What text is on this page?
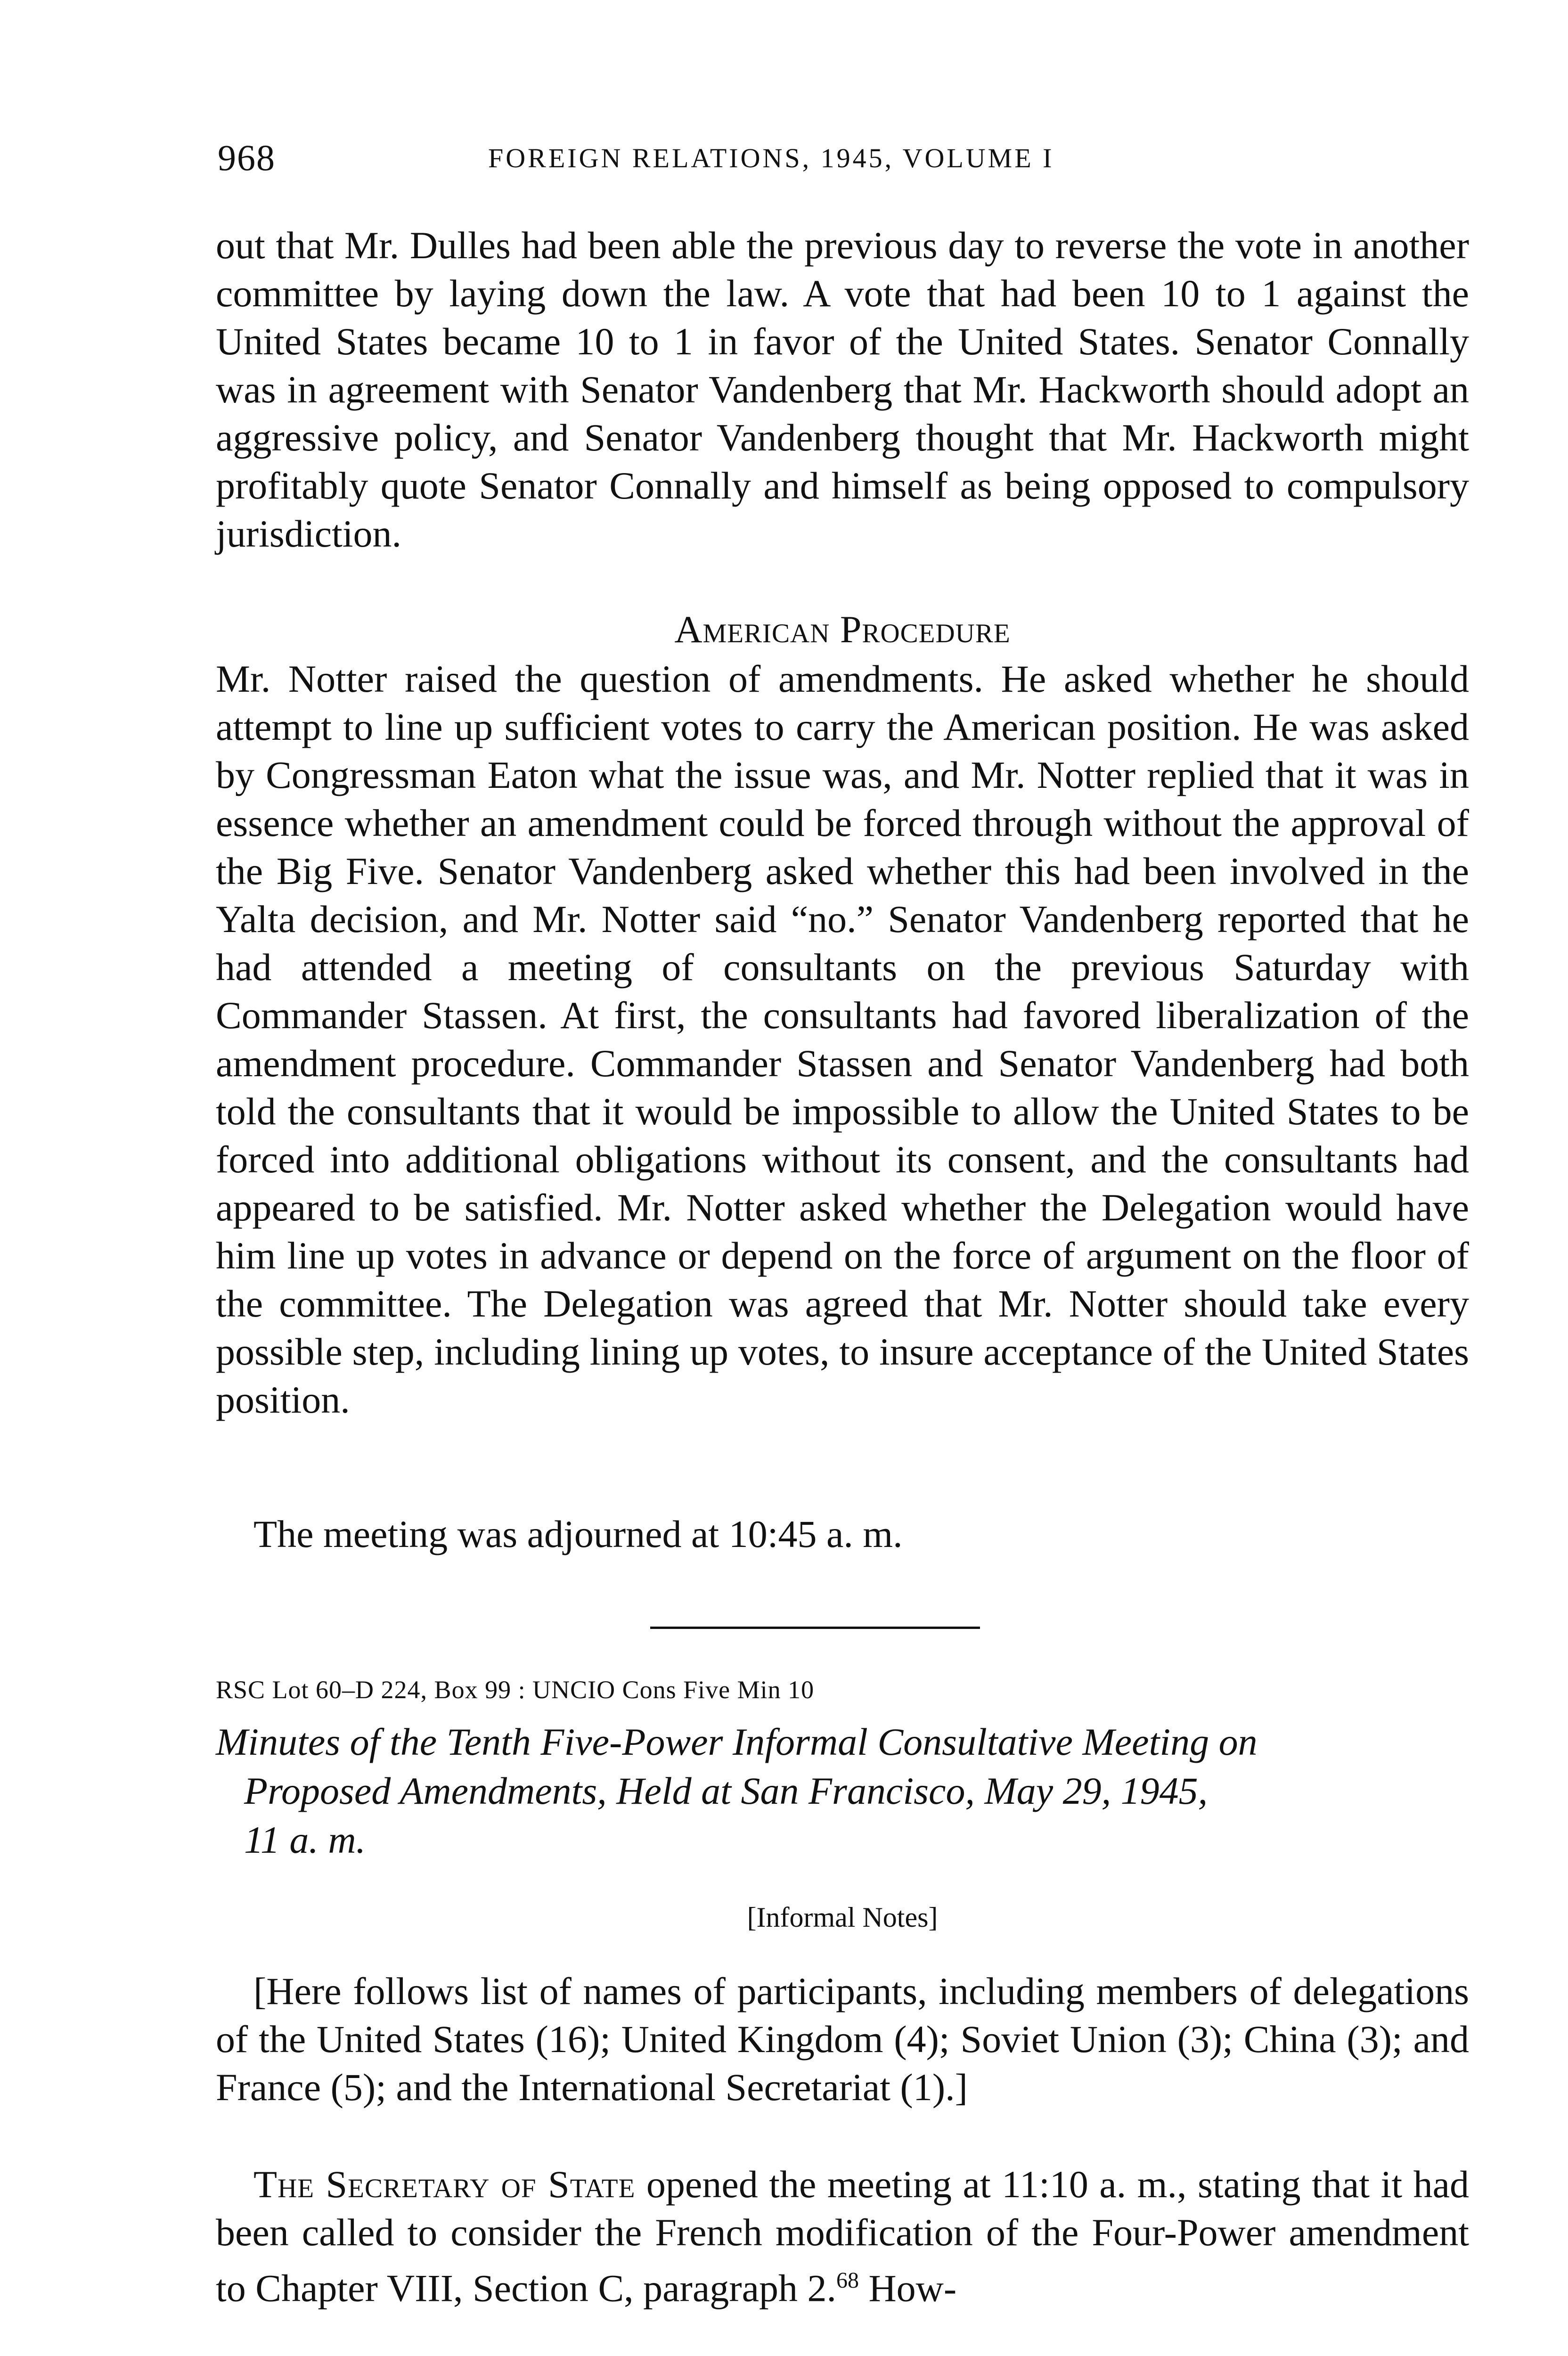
968	FOREIGN RELATIONS, 1945, VOLUME I

out that Mr. Dulles had been able the previous day to reverse the vote in another committee by laying down the law. A vote that had been 10 to 1 against the United States became 10 to 1 in favor of the United States. Senator Connally was in agreement with Senator Vandenberg that Mr. Hackworth should adopt an aggressive policy, and Senator Vandenberg thought that Mr. Hackworth might profitably quote Senator Connally and himself as being opposed to compulsory jurisdiction.

American Procedure

Mr. Notter raised the question of amendments. He asked whether he should attempt to line up sufficient votes to carry the American position. He was asked by Congressman Eaton what the issue was, and Mr. Notter replied that it was in essence whether an amendment could be forced through without the approval of the Big Five. Senator Vandenberg asked whether this had been involved in the Yalta decision, and Mr. Notter said “no.” Senator Vandenberg reported that he had attended a meeting of consultants on the previous Saturday with Commander Stassen. At first, the consultants had favored liberalization of the amendment procedure. Commander Stassen and Senator Vandenberg had both told the consultants that it would be impossible to allow the United States to be forced into additional obligations without its consent, and the consultants had appeared to be satisfied. Mr. Notter asked whether the Delegation would have him line up votes in advance or depend on the force of argument on the floor of the committee. The Delegation was agreed that Mr. Notter should take every possible step, including lining up votes, to insure acceptance of the United States position.

The meeting was adjourned at 10:45 a. m.

RSC Lot 60–D 224, Box 99 : UNCIO Cons Five Min 10
Minutes of the Tenth Five-Power Informal Consultative Meeting on
Proposed Amendments, Held at San Francisco, May 29, 1945,
11 a. m.
[Informal Notes]

[Here follows list of names of participants, including members of delegations of the United States (16); United Kingdom (4); Soviet Union (3); China (3); and France (5); and the International Secretariat (1).]

The Secretary of State opened the meeting at 11:10 a. m., stating that it had been called to consider the French modification of the Four-Power amendment to Chapter VIII, Section C, paragraph 2.68 How-
